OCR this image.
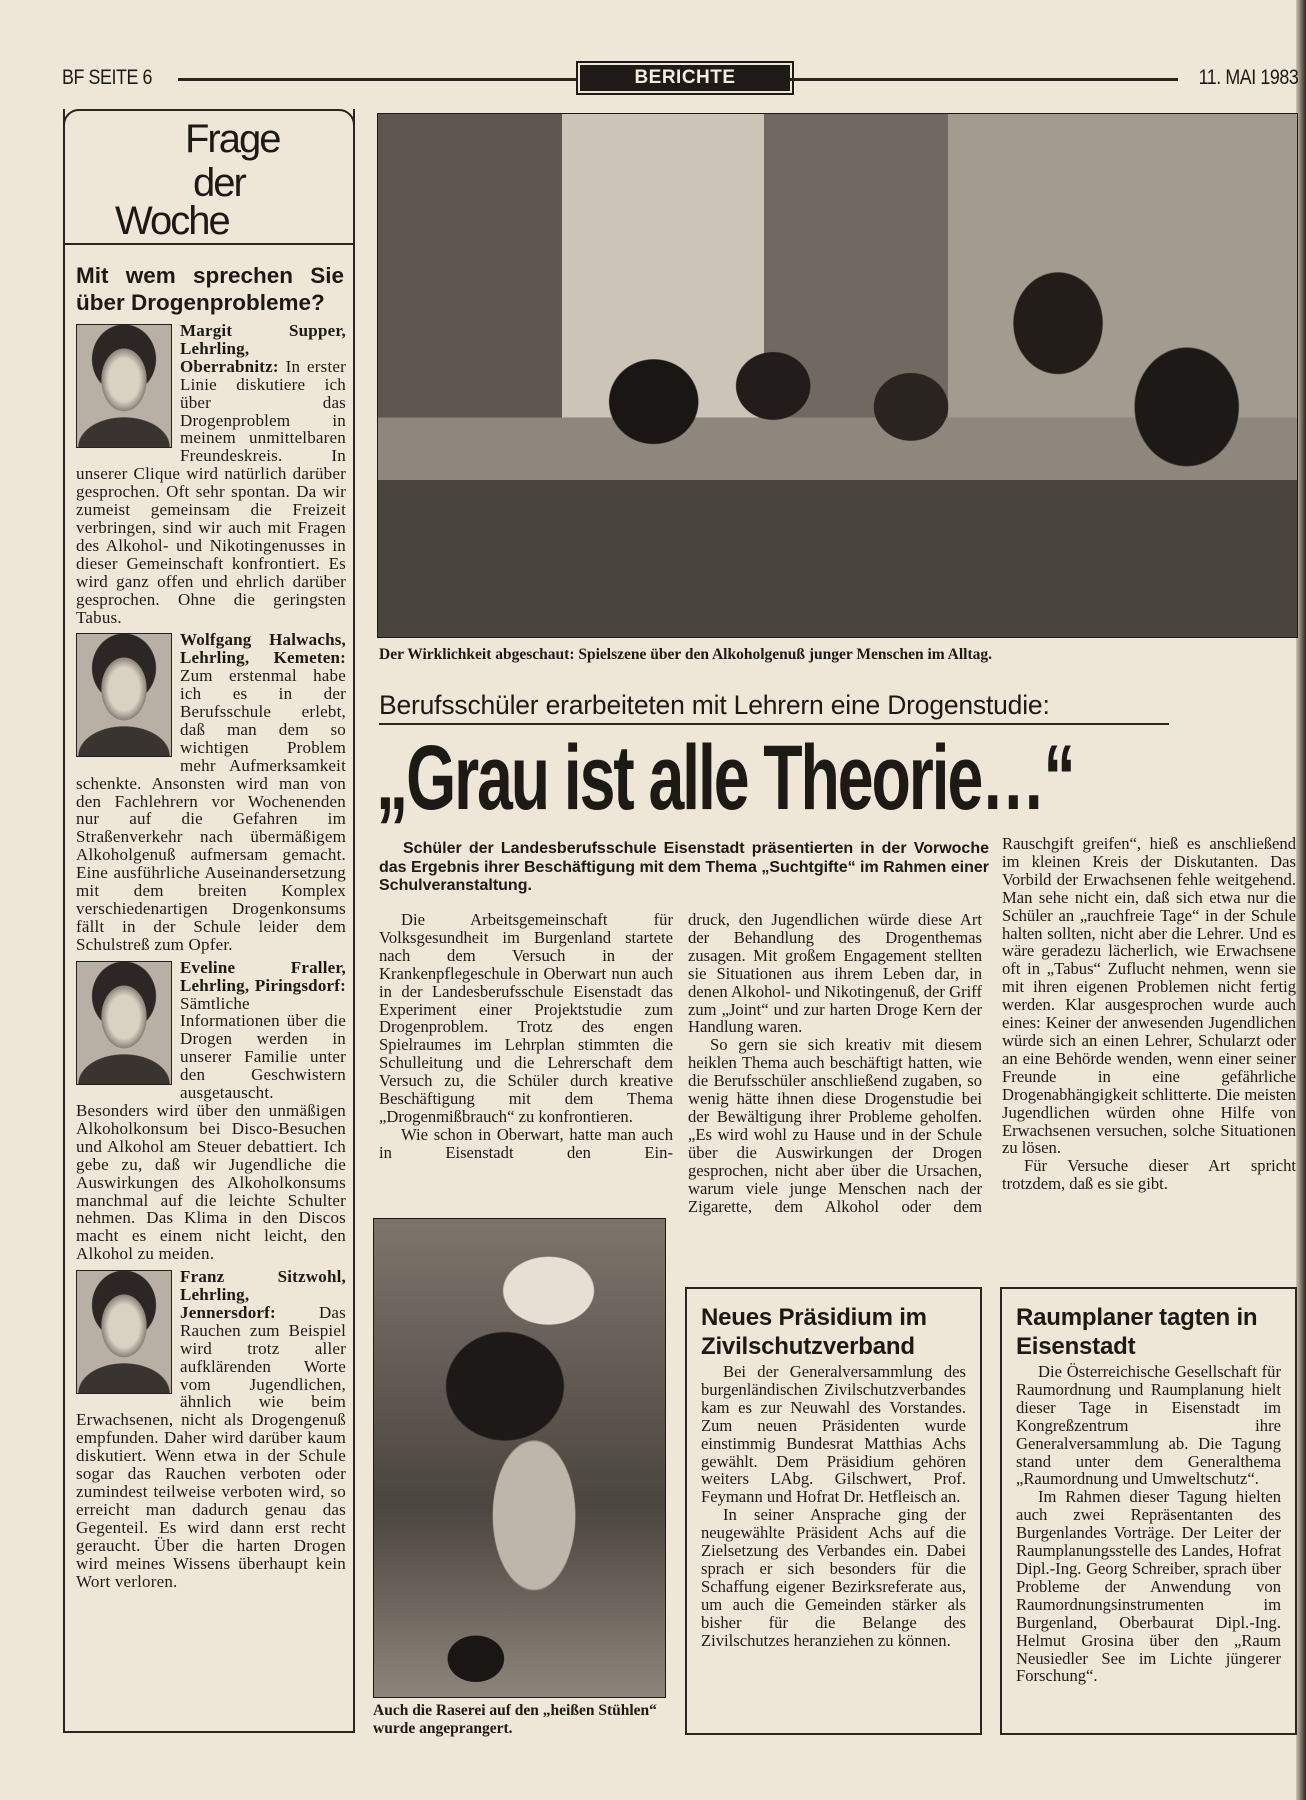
BF SEITE 6	BERICHTE	11. MAI 1983
Frage
der
Woche
Mit wem sprechen Sie über Drogenprobleme?
Margit Supper, Lehrling, Oberrabnitz: In erster Linie diskutiere ich über das Drogenproblem in meinem unmittelbaren Freundeskreis. In unserer Clique wird natürlich darüber gesprochen. Oft sehr spontan. Da wir zumeist gemeinsam die Freizeit verbringen, sind wir auch mit Fragen des Alkohol- und Nikotingenusses in dieser Gemeinschaft konfrontiert. Es wird ganz offen und ehrlich darüber gesprochen. Ohne die geringsten Tabus.
Wolfgang Halwachs, Lehrling, Kemeten: Zum erstenmal habe ich es in der Berufsschule erlebt, daß man dem so wichtigen Problem mehr Aufmerksamkeit schenkte. Ansonsten wird man von den Fachlehrern vor Wochenenden nur auf die Gefahren im Straßenverkehr nach übermäßigem Alkoholgenuß aufmersam gemacht. Eine ausführliche Auseinandersetzung mit dem breiten Komplex verschiedenartigen Drogenkonsums fällt in der Schule leider dem Schulstreß zum Opfer.
Eveline Fraller, Lehrling, Piringsdorf: Sämtliche Informationen über die Drogen werden in unserer Familie unter den Geschwistern ausgetauscht. Besonders wird über den unmäßigen Alkoholkonsum bei Disco-Besuchen und Alkohol am Steuer debattiert. Ich gebe zu, daß wir Jugendliche die Auswirkungen des Alkoholkonsums manchmal auf die leichte Schulter nehmen. Das Klima in den Discos macht es einem nicht leicht, den Alkohol zu meiden.
Franz Sitzwohl, Lehrling, Jennersdorf: Das Rauchen zum Beispiel wird trotz aller aufklärenden Worte vom Jugendlichen, ähnlich wie beim Erwachsenen, nicht als Drogengenuß empfunden. Daher wird darüber kaum diskutiert. Wenn etwa in der Schule sogar das Rauchen verboten oder zumindest teilweise verboten wird, so erreicht man dadurch genau das Gegenteil. Es wird dann erst recht geraucht. Über die harten Drogen wird meines Wissens überhaupt kein Wort verloren.
Der Wirklichkeit abgeschaut: Spielszene über den Alkoholgenuß junger Menschen im Alltag.
Berufsschüler erarbeiteten mit Lehrern eine Drogenstudie:
„Grau ist alle Theorie…“
Schüler der Landesberufsschule Eisenstadt präsentierten in der Vorwoche das Ergebnis ihrer Beschäftigung mit dem Thema „Suchtgifte“ im Rahmen einer Schulveranstaltung.

Die Arbeitsgemeinschaft für Volksgesundheit im Burgenland startete nach dem Versuch in der Krankenpflegeschule in Oberwart nun auch in der Landesberufsschule Eisenstadt das Experiment einer Projektstudie zum Drogenproblem. Trotz des engen Spielraumes im Lehrplan stimmten die Schulleitung und die Lehrerschaft dem Versuch zu, die Schüler durch kreative Beschäftigung mit dem Thema „Drogenmißbrauch“ zu konfrontieren.

Wie schon in Oberwart, hatte man auch in Eisenstadt den Ein-

druck, den Jugendlichen würde diese Art der Behandlung des Drogenthemas zusagen. Mit großem Engagement stellten sie Situationen aus ihrem Leben dar, in denen Alkohol- und Nikotingenuß, der Griff zum „Joint“ und zur harten Droge Kern der Handlung waren.

So gern sie sich kreativ mit diesem heiklen Thema auch beschäftigt hatten, wie die Berufsschüler anschließend zugaben, so wenig hätte ihnen diese Drogenstudie bei der Bewältigung ihrer Probleme geholfen. „Es wird wohl zu Hause und in der Schule über die Auswirkungen der Drogen gesprochen, nicht aber über die Ursachen, warum viele junge Menschen nach der Zigarette, dem Alkohol oder dem

Rauschgift greifen“, hieß es anschließend im kleinen Kreis der Diskutanten. Das Vorbild der Erwachsenen fehle weitgehend. Man sehe nicht ein, daß sich etwa nur die Schüler an „rauchfreie Tage“ in der Schule halten sollten, nicht aber die Lehrer. Und es wäre geradezu lächerlich, wie Erwachsene oft in „Tabus“ Zuflucht nehmen, wenn sie mit ihren eigenen Problemen nicht fertig werden. Klar ausgesprochen wurde auch eines: Keiner der anwesenden Jugendlichen würde sich an einen Lehrer, Schularzt oder an eine Behörde wenden, wenn einer seiner Freunde in eine gefährliche Drogenabhängigkeit schlitterte. Die meisten Jugendlichen würden ohne Hilfe von Erwachsenen versuchen, solche Situationen zu lösen.

Für Versuche dieser Art spricht trotzdem, daß es sie gibt.

Auch die Raserei auf den „heißen Stühlen“ wurde angeprangert.
Neues Präsidium im Zivilschutzverband

Bei der Generalversammlung des burgenländischen Zivilschutzverbandes kam es zur Neuwahl des Vorstandes. Zum neuen Präsidenten wurde einstimmig Bundesrat Matthias Achs gewählt. Dem Präsidium gehören weiters LAbg. Gilschwert, Prof. Feymann und Hofrat Dr. Hetfleisch an.

In seiner Ansprache ging der neugewählte Präsident Achs auf die Zielsetzung des Verbandes ein. Dabei sprach er sich besonders für die Schaffung eigener Bezirksreferate aus, um auch die Gemeinden stärker als bisher für die Belange des Zivilschutzes heranziehen zu können.

Raumplaner tagten in Eisenstadt

Die Österreichische Gesellschaft für Raumordnung und Raumplanung hielt dieser Tage in Eisenstadt im Kongreßzentrum ihre Generalversammlung ab. Die Tagung stand unter dem Generalthema „Raumordnung und Umweltschutz“.

Im Rahmen dieser Tagung hielten auch zwei Repräsentanten des Burgenlandes Vorträge. Der Leiter der Raumplanungsstelle des Landes, Hofrat Dipl.-Ing. Georg Schreiber, sprach über Probleme der Anwendung von Raumordnungsinstrumenten im Burgenland, Oberbaurat Dipl.-Ing. Helmut Grosina über den „Raum Neusiedler See im Lichte jüngerer Forschung“.
